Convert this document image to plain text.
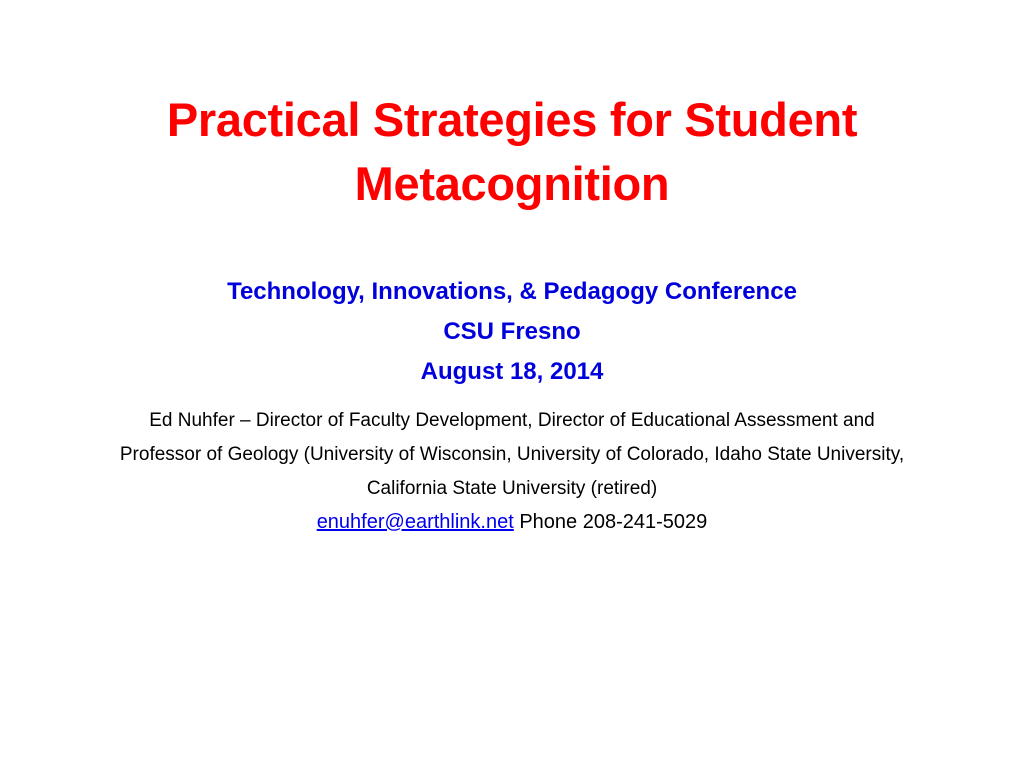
Practical Strategies for Student Metacognition
Technology, Innovations, & Pedagogy Conference
CSU Fresno
August 18, 2014
Ed Nuhfer – Director of Faculty Development, Director of Educational Assessment and Professor of Geology (University of Wisconsin, University of Colorado, Idaho State University, California State University (retired)
enuhfer@earthlink.net Phone 208-241-5029
